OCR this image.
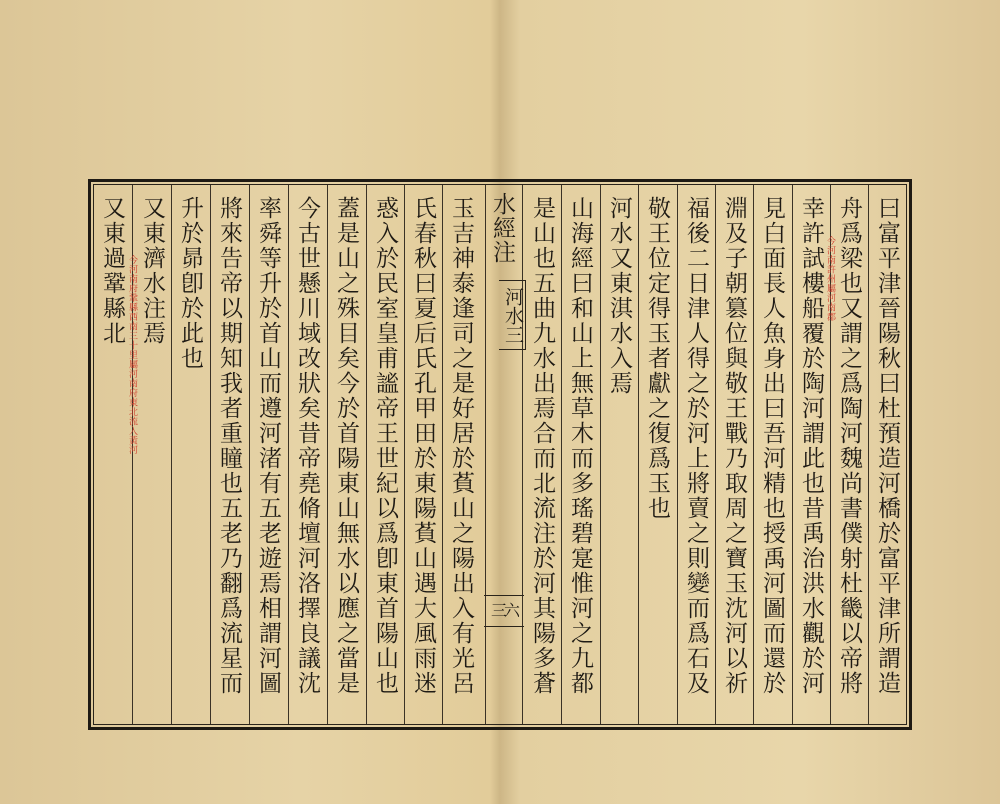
曰富平津晉陽秋曰杜預造河橋於富平津所謂造
舟爲梁也又謂之爲陶河魏尚書僕射杜畿以帝將
幸許試樓船覆於陶河謂此也昔禹治洪水觀於河
見白面長人魚身出曰吾河精也授禹河圖而還於
淵及子朝篡位與敬王戰乃取周之寶玉沈河以祈
福後二日津人得之於河上將賣之則變而爲石及
敬王位定得玉者獻之復爲玉也
河水又東淇水入焉
山海經曰和山上無草木而多瑤碧寔惟河之九都
是山也五曲九水出焉合而北流注於河其陽多蒼	今河南許州屬河南郡
水經注
河水三
三六
玉吉神泰逢司之是好居於萯山之陽出入有光呂
氏春秋曰夏后氏孔甲田於東陽萯山遇大風雨迷
惑入於民室皇甫謐帝王世紀以爲卽東首陽山也
蓋是山之殊目矣今於首陽東山無水以應之當是
今古世懸川域改狀矣昔帝堯脩壇河洛擇良議沈
率舜等升於首山而遵河渚有五老遊焉相謂河圖
將來告帝以期知我者重瞳也五老乃翻爲流星而
升於昴卽於此也
又東濟水注焉
又東過鞏縣北 今河南府鞏縣西南三十里屬河南府東北流入黃河
